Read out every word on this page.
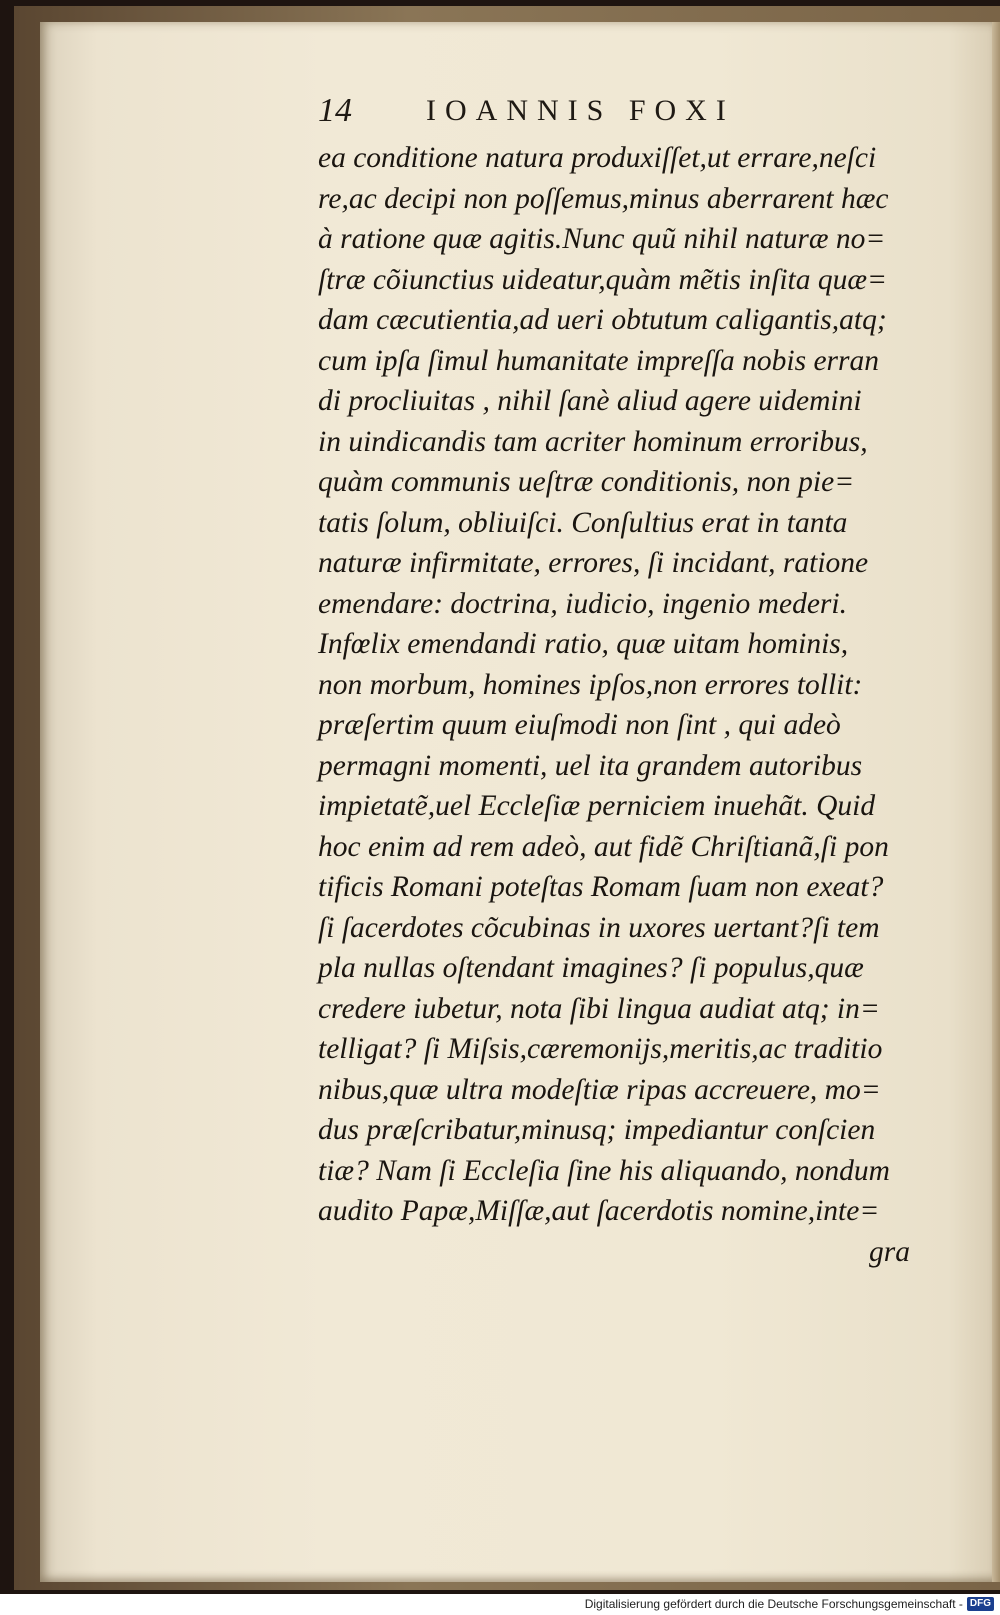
14 IOANNIS FOXI
ea conditione natura produxiſſet,ut errare,neſci
re,ac decipi non poſſemus,minus aberrarent hæc
à ratione quæ agitis.Nunc quũ nihil naturæ no=
ſtræ cõiunctius uideatur,quàm mẽtis inſita quæ=
dam cæcutientia,ad ueri obtutum caligantis,atq;
cum ipſa ſimul humanitate impreſſa nobis erran
di procliuitas , nihil ſanè aliud agere uidemini
in uindicandis tam acriter hominum erroribus,
quàm communis ueſtræ conditionis, non pie=
tatis ſolum, obliuiſci. Conſultius erat in tanta
naturæ infirmitate, errores, ſi incidant, ratione
emendare: doctrina, iudicio, ingenio mederi.
Infœlix emendandi ratio, quæ uitam hominis,
non morbum, homines ipſos,non errores tollit:
præſertim quum eiuſmodi non ſint , qui adeò
permagni momenti, uel ita grandem autoribus
impietatẽ,uel Eccleſiæ perniciem inuehãt. Quid
hoc enim ad rem adeò, aut fidẽ Chriſtianã,ſi pon
tificis Romani poteſtas Romam ſuam non exeat?
ſi ſacerdotes cõcubinas in uxores uertant?ſi tem
pla nullas oſtendant imagines? ſi populus,quæ
credere iubetur, nota ſibi lingua audiat atq; in=
telligat? ſi Miſsis,cæremonijs,meritis,ac traditio
nibus,quæ ultra modeſtiæ ripas accreuere, mo=
dus præſcribatur,minusq; impediantur conſcien
tiæ? Nam ſi Eccleſia ſine his aliquando, nondum
audito Papæ,Miſſæ,aut ſacerdotis nomine,inte=
gra
Digitalisierung gefördert durch die Deutsche Forschungsgemeinschaft - DFG
